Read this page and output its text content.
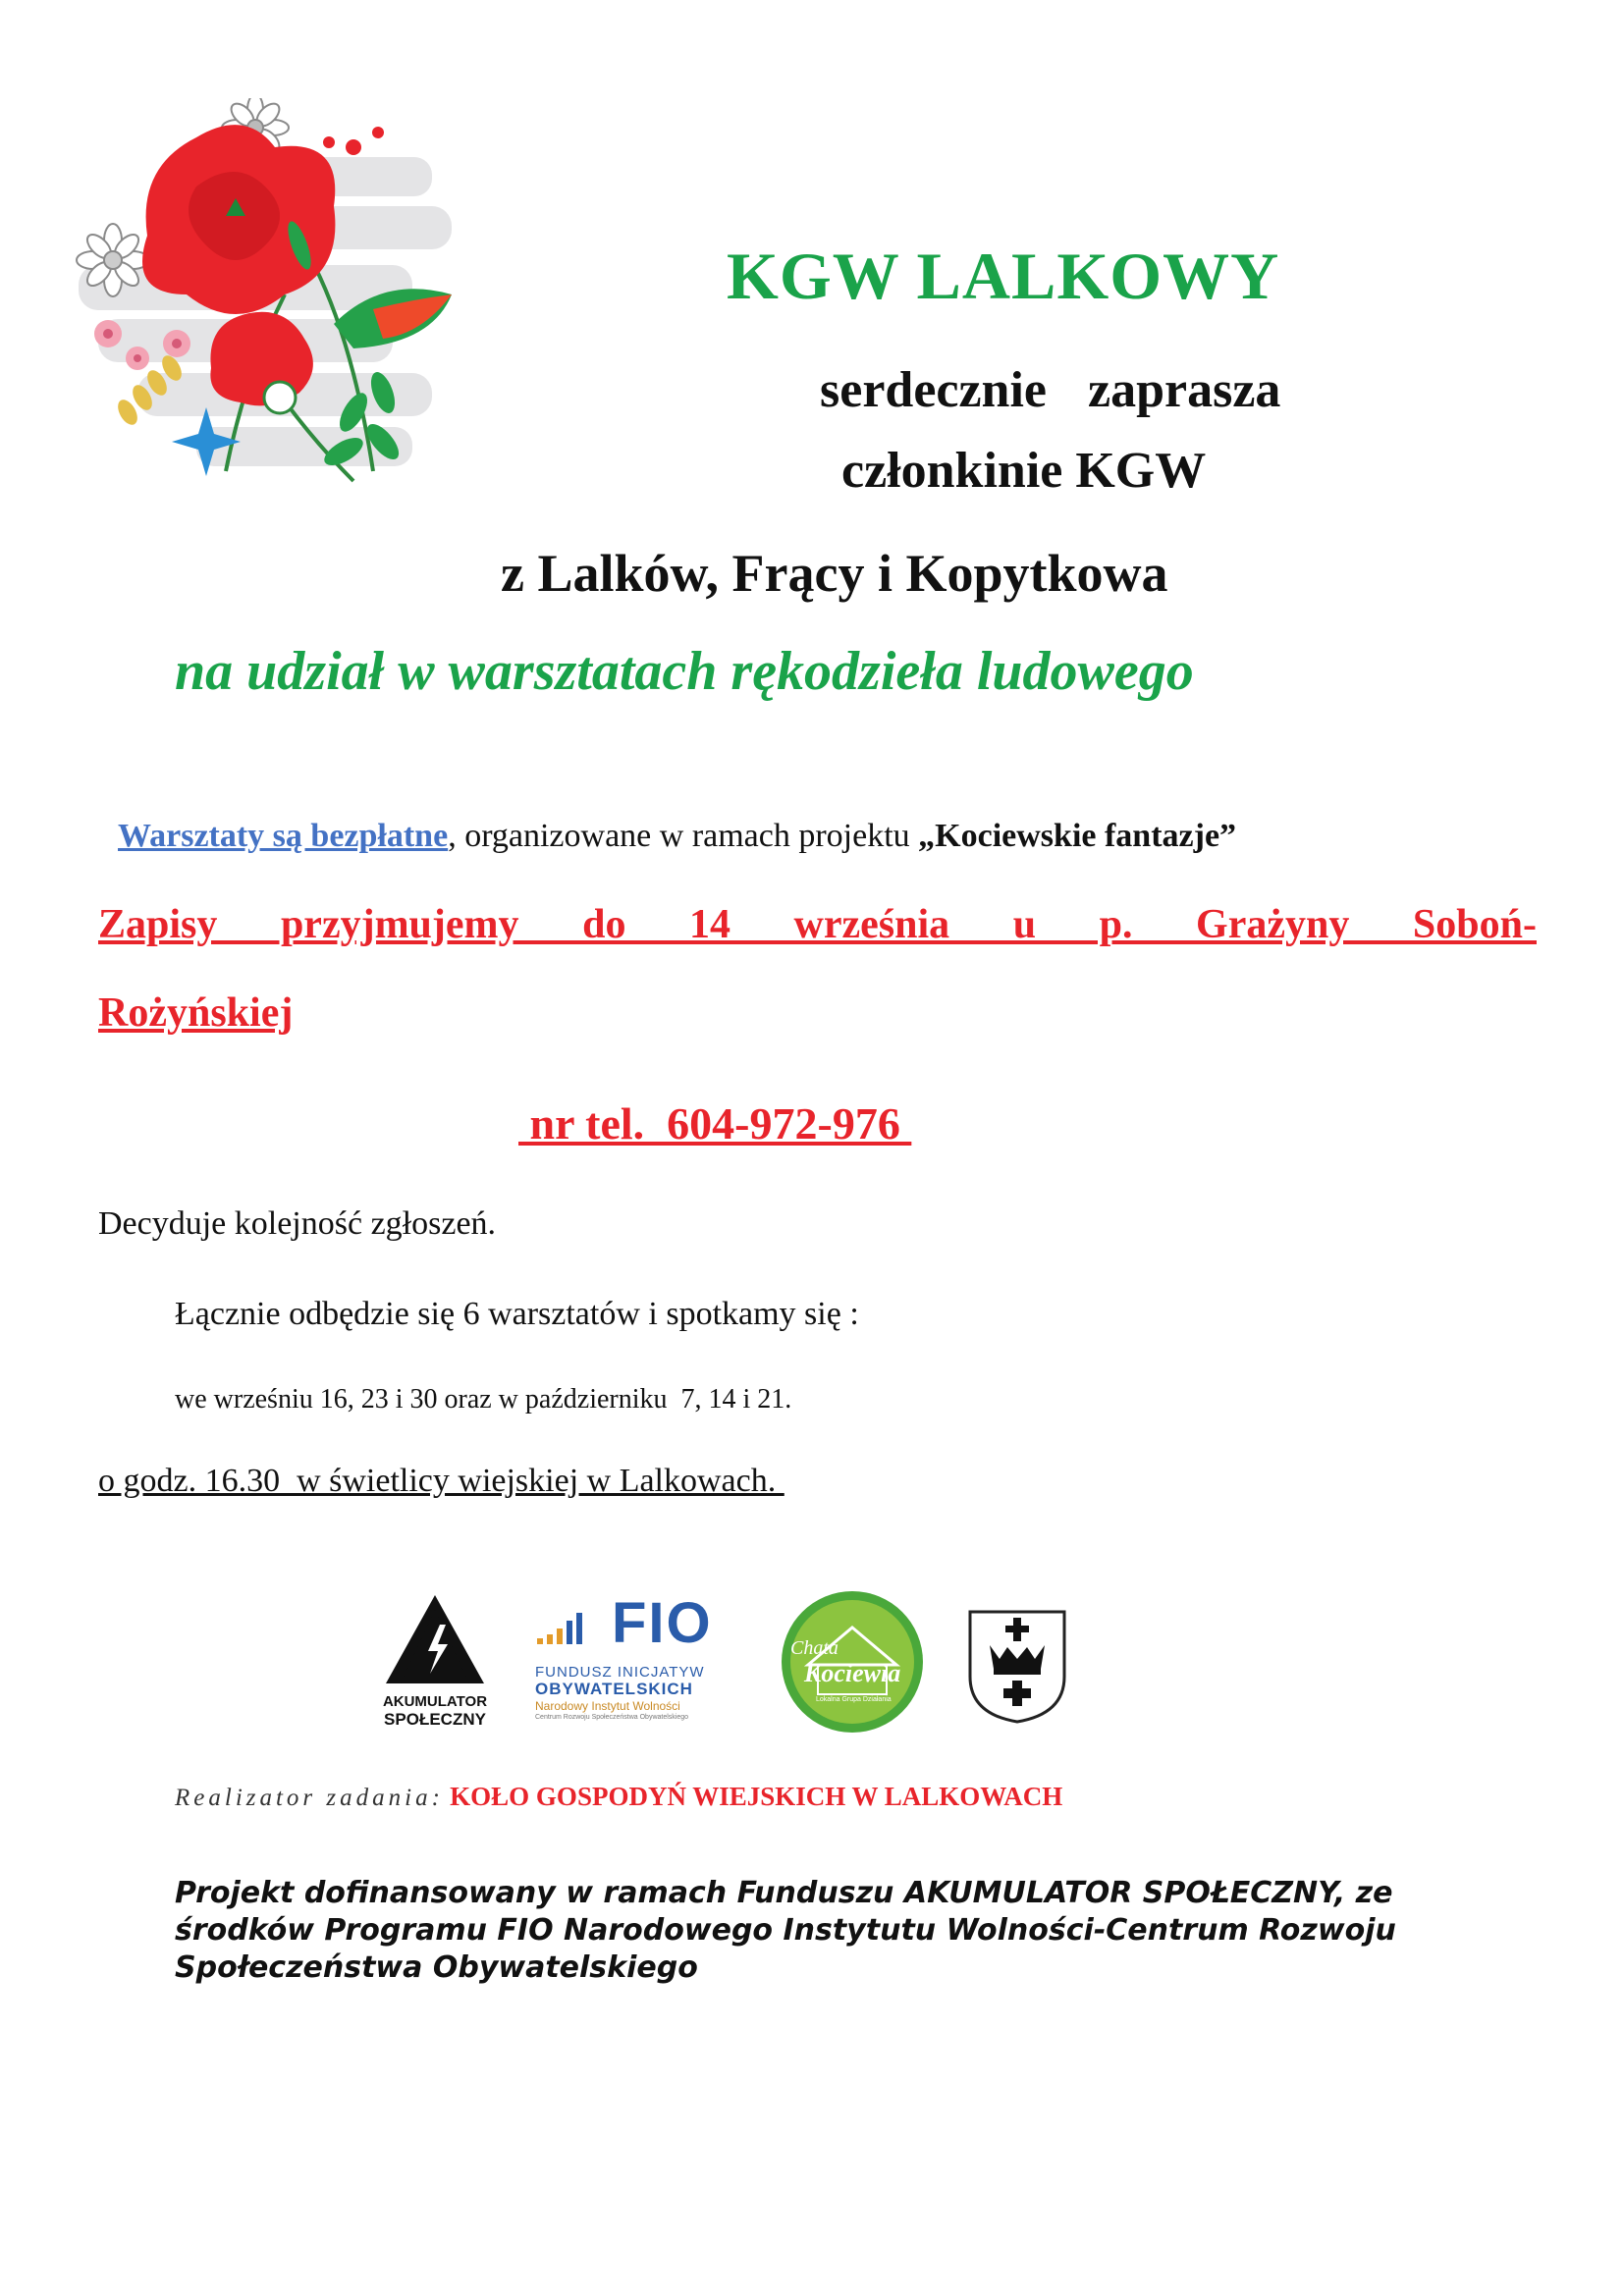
KGW LALKOWY
serdecznie  zaprasza
członkinie KGW
z Lalków, Frący i Kopytkowa
na udział w warsztatach rękodzieła ludowego
Warsztaty są bezpłatne, organizowane w ramach projektu „Kociewskie fantazje”
Zapisy przyjmujemy do 14 września u p. Grażyny Soboń-
Rożyńskiej
nr tel.  604-972-976
Decyduje kolejność zgłoszeń.
Łącznie odbędzie się 6 warsztatów i spotkamy się :
we wrześniu 16, 23 i 30 oraz w październiku  7, 14 i 21.
o godz. 16.30  w świetlicy wiejskiej w Lalkowach.
AKUMULATOR
SPOŁECZNY
FIO
FUNDUSZ INICJATYW
OBYWATELSKICH
Narodowy Instytut Wolności
Centrum Rozwoju Społeczeństwa Obywatelskiego
Chata
Kociewia
Lokalna Grupa Działania
Realizator zadania: KOŁO GOSPODYŃ WIEJSKICH W LALKOWACH
Projekt dofinansowany w ramach Funduszu AKUMULATOR SPOŁECZNY, ze środków Programu FIO Narodowego Instytutu Wolności-Centrum Rozwoju Społeczeństwa Obywatelskiego
